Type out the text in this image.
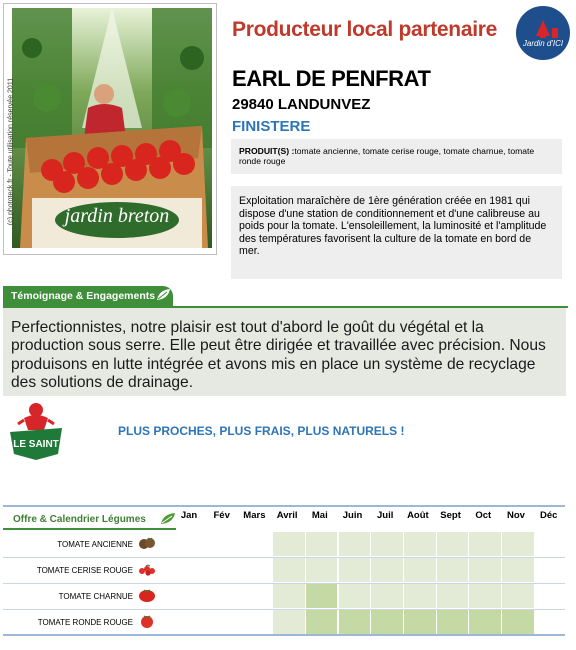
jardin breton
(c) phototeck.fr - Toute utilisation réservée 2011
Producteur local partenaire
Jardin d'ICI
EARL DE PENFRAT
29840 LANDUNVEZ
FINISTERE
PRODUIT(S) :tomate ancienne, tomate cerise rouge, tomate charnue, tomate ronde rouge
Exploitation maraîchère de 1ère génération créée en 1981 qui dispose d'une station de conditionnement et d'une calibreuse au poids pour la tomate. L'ensoleillement, la luminosité et l'amplitude des températures favorisent la culture de la tomate en bord de mer.
Témoignage & Engagements
Perfectionnistes, notre plaisir est tout d'abord le goût du végétal et la production sous serre. Elle peut être dirigée et travaillée avec précision. Nous produisons en lutte intégrée et avons mis en place un système de recyclage des solutions de drainage.
LE SAINT
PLUS PROCHES, PLUS FRAIS, PLUS NATURELS !
Offre & Calendrier Légumes	Jan	Fév	Mars	Avril	Mai	Juin	Juil	Août	Sept	Oct	Nov	Déc
TOMATE ANCIENNE
TOMATE CERISE ROUGE
TOMATE CHARNUE
TOMATE RONDE ROUGE
